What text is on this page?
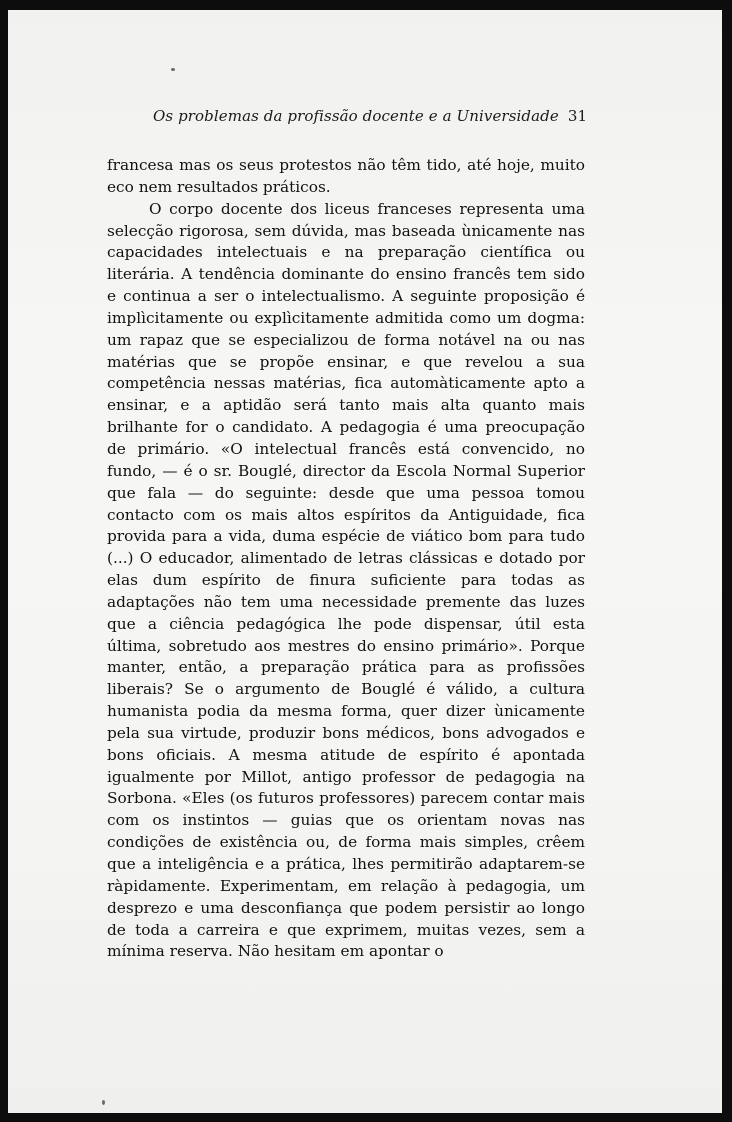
Os problemas da profissão docente e a Universidade 31

francesa mas os seus protestos não têm tido, até hoje, muito eco nem resultados práticos.

O corpo docente dos liceus franceses representa uma selecção rigorosa, sem dúvida, mas baseada ùnicamente nas capacidades intelectuais e na preparação científica ou literária. A tendência dominante do ensino francês tem sido e continua a ser o intelectualismo. A seguinte proposição é implìcitamente ou explìcitamente admitida como um dogma: um rapaz que se especializou de forma notável na ou nas matérias que se propõe ensinar, e que revelou a sua competência nessas matérias, fica automàticamente apto a ensinar, e a aptidão será tanto mais alta quanto mais brilhante for o candidato. A pedagogia é uma preocupação de primário. «O intelectual francês está convencido, no fundo, — é o sr. Bouglé, director da Escola Normal Superior que fala — do seguinte: desde que uma pessoa tomou contacto com os mais altos espíritos da Antiguidade, fica provida para a vida, duma espécie de viático bom para tudo (...) O educador, alimentado de letras clássicas e dotado por elas dum espírito de finura suficiente para todas as adaptações não tem uma necessidade premente das luzes que a ciência pedagógica lhe pode dispensar, útil esta última, sobretudo aos mestres do ensino primário». Porque manter, então, a preparação prática para as profissões liberais? Se o argumento de Bouglé é válido, a cultura humanista podia da mesma forma, quer dizer ùnicamente pela sua virtude, produzir bons médicos, bons advogados e bons oficiais. A mesma atitude de espírito é apontada igualmente por Millot, antigo professor de pedagogia na Sorbona. «Eles (os futuros professores) parecem contar mais com os instintos — guias que os orientam novas nas condições de existência ou, de forma mais simples, crêem que a inteligência e a prática, lhes permitirão adaptarem-se ràpidamente. Experimentam, em relação à pedagogia, um desprezo e uma desconfiança que podem persistir ao longo de toda a carreira e que exprimem, muitas vezes, sem a mínima reserva. Não hesitam em apontar o
